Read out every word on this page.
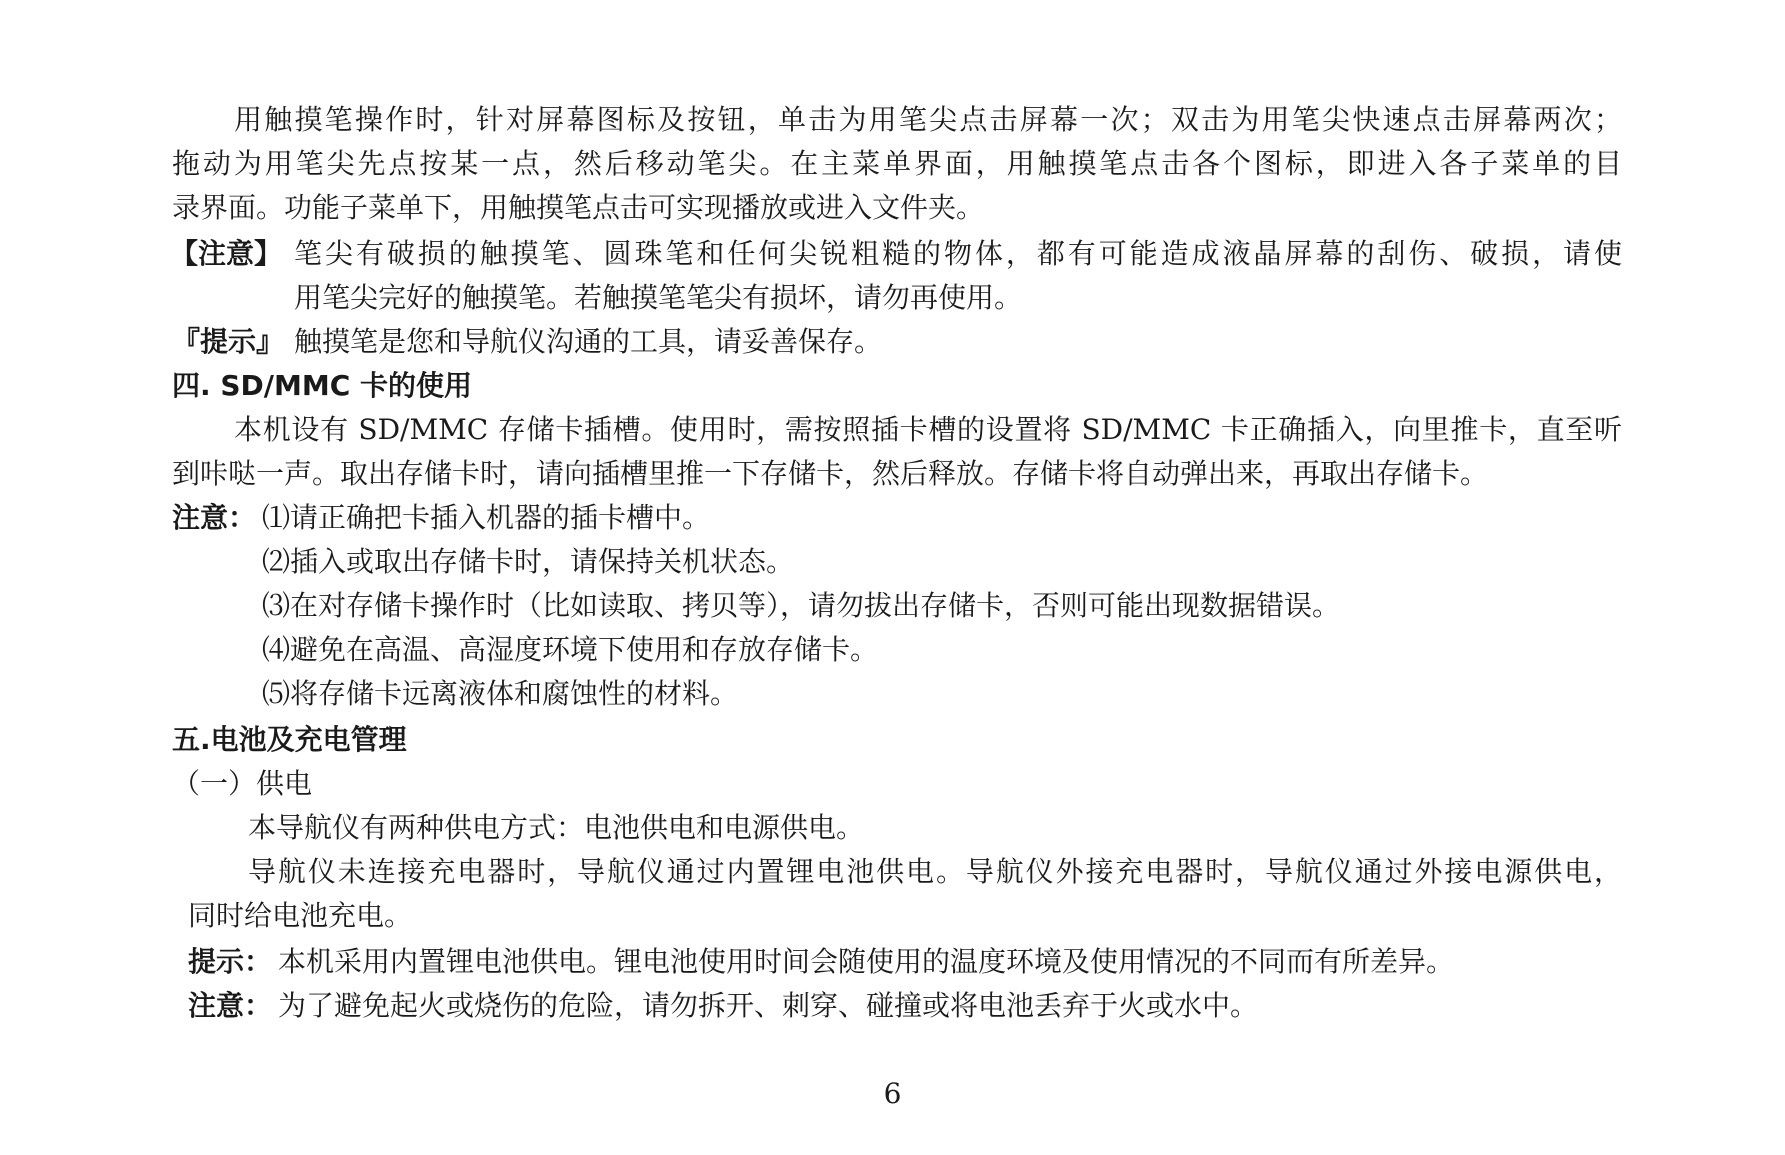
用触摸笔操作时，针对屏幕图标及按钮，单击为用笔尖点击屏幕一次；双击为用笔尖快速点击屏幕两次；
拖动为用笔尖先点按某一点，然后移动笔尖。在主菜单界面，用触摸笔点击各个图标，即进入各子菜单的目
录界面。功能子菜单下，用触摸笔点击可实现播放或进入文件夹。
【注意】 笔尖有破损的触摸笔、圆珠笔和任何尖锐粗糙的物体，都有可能造成液晶屏幕的刮伤、破损，请使
用笔尖完好的触摸笔。若触摸笔笔尖有损坏，请勿再使用。
『提示』 触摸笔是您和导航仪沟通的工具，请妥善保存。
四. SD/MMC 卡的使用
本机设有 SD/MMC 存储卡插槽。使用时，需按照插卡槽的设置将 SD/MMC 卡正确插入，向里推卡，直至听
到咔哒一声。取出存储卡时，请向插槽里推一下存储卡，然后释放。存储卡将自动弹出来，再取出存储卡。
注意： ⑴请正确把卡插入机器的插卡槽中。
⑵插入或取出存储卡时，请保持关机状态。
⑶在对存储卡操作时（比如读取、拷贝等），请勿拔出存储卡，否则可能出现数据错误。
⑷避免在高温、高湿度环境下使用和存放存储卡。
⑸将存储卡远离液体和腐蚀性的材料。
五.电池及充电管理
（一）供电
本导航仪有两种供电方式：电池供电和电源供电。
导航仪未连接充电器时，导航仪通过内置锂电池供电。导航仪外接充电器时，导航仪通过外接电源供电，
同时给电池充电。
提示： 本机采用内置锂电池供电。锂电池使用时间会随使用的温度环境及使用情况的不同而有所差异。
注意： 为了避免起火或烧伤的危险，请勿拆开、刺穿、碰撞或将电池丢弃于火或水中。
6
